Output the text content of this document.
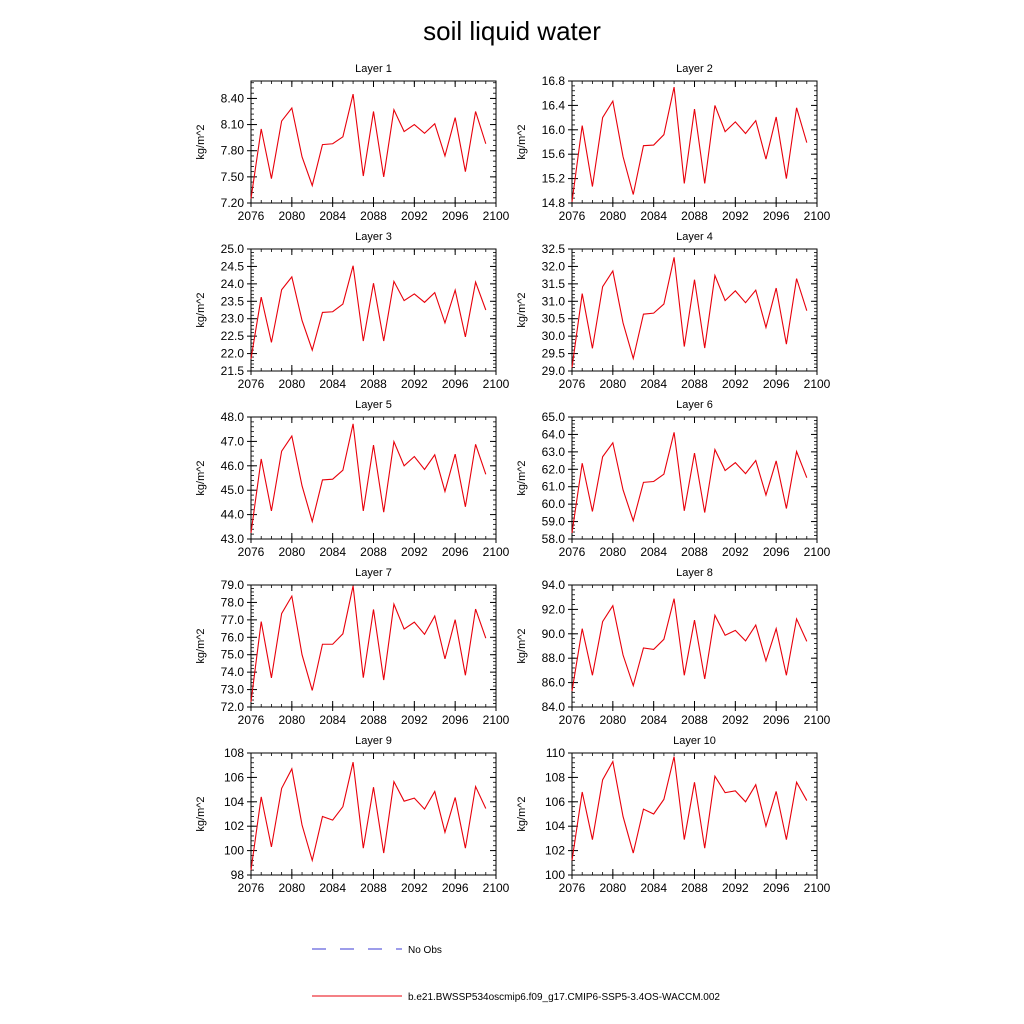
soil liquid water
Layer 1
kg/m^2
2076 2080 2084 2088 2092 2096 2100
7.20
7.50
7.80
8.10
8.40
Layer 2
kg/m^2
2076 2080 2084 2088 2092 2096 2100
14.8
15.2
15.6
16.0
16.4
16.8
Layer 3
kg/m^2
2076 2080 2084 2088 2092 2096 2100
21.5
22.0
22.5
23.0
23.5
24.0
24.5
25.0
Layer 4
kg/m^2
2076 2080 2084 2088 2092 2096 2100
29.0
29.5
30.0
30.5
31.0
31.5
32.0
32.5
Layer 5
kg/m^2
2076 2080 2084 2088 2092 2096 2100
43.0
44.0
45.0
46.0
47.0
48.0
Layer 6
kg/m^2
2076 2080 2084 2088 2092 2096 2100
58.0
59.0
60.0
61.0
62.0
63.0
64.0
65.0
Layer 7
kg/m^2
2076 2080 2084 2088 2092 2096 2100
72.0
73.0
74.0
75.0
76.0
77.0
78.0
79.0
Layer 8
kg/m^2
2076 2080 2084 2088 2092 2096 2100
84.0
86.0
88.0
90.0
92.0
94.0
Layer 9
kg/m^2
2076 2080 2084 2088 2092 2096 2100
98
100
102
104
106
108
Layer 10
kg/m^2
2076 2080 2084 2088 2092 2096 2100
100
102
104
106
108
110
No Obs
b.e21.BWSSP534oscmip6.f09_g17.CMIP6-SSP5-3.4OS-WACCM.002
